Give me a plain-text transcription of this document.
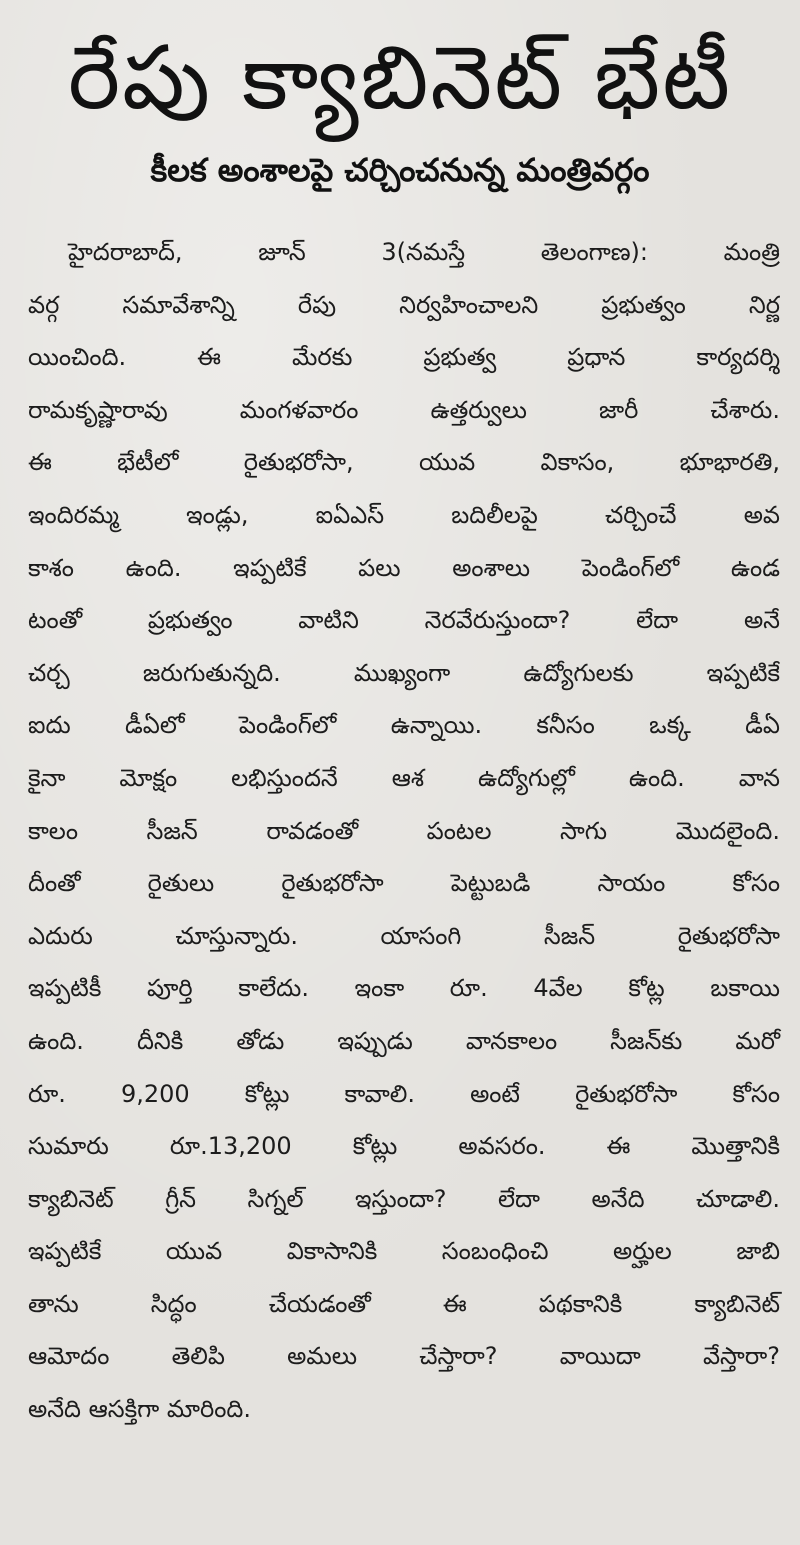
రేపు క్యాబినెట్ భేటీ
కీలక అంశాలపై చర్చించనున్న మంత్రివర్గం
హైదరాబాద్, జూన్ 3(నమస్తే తెలంగాణ): మంత్రి
వర్గ సమావేశాన్ని రేపు నిర్వహించాలని ప్రభుత్వం నిర్ణ
యించింది. ఈ మేరకు ప్రభుత్వ ప్రధాన కార్యదర్శి
రామకృష్ణారావు మంగళవారం ఉత్తర్వులు జారీ చేశారు.
ఈ భేటీలో రైతుభరోసా, యువ వికాసం, భూభారతి,
ఇందిరమ్మ ఇండ్లు, ఐఏఎస్ బదిలీలపై చర్చించే అవ
కాశం ఉంది. ఇప్పటికే పలు అంశాలు పెండింగ్‌లో ఉండ
టంతో ప్రభుత్వం వాటిని నెరవేరుస్తుందా? లేదా అనే
చర్చ జరుగుతున్నది. ముఖ్యంగా ఉద్యోగులకు ఇప్పటికే
ఐదు డీఏలో పెండింగ్‌లో ఉన్నాయి. కనీసం ఒక్క డీఏ
కైనా మోక్షం లభిస్తుందనే ఆశ ఉద్యోగుల్లో ఉంది. వాన
కాలం సీజన్ రావడంతో పంటల సాగు మొదలైంది.
దీంతో రైతులు రైతుభరోసా పెట్టుబడి సాయం కోసం
ఎదురు చూస్తున్నారు. యాసంగి సీజన్ రైతుభరోసా
ఇప్పటికీ పూర్తి కాలేదు. ఇంకా రూ. 4వేల కోట్ల బకాయి
ఉంది. దీనికి తోడు ఇప్పుడు వానకాలం సీజన్‌కు మరో
రూ. 9,200 కోట్లు కావాలి. అంటే రైతుభరోసా కోసం
సుమారు రూ.13,200 కోట్లు అవసరం. ఈ మొత్తానికి
క్యాబినెట్ గ్రీన్ సిగ్నల్ ఇస్తుందా? లేదా అనేది చూడాలి.
ఇప్పటికే యువ వికాసానికి సంబంధించి అర్హుల జాబి
తాను సిద్ధం చేయడంతో ఈ పథకానికి క్యాబినెట్
ఆమోదం తెలిపి అమలు చేస్తారా? వాయిదా వేస్తారా?
అనేది ఆసక్తిగా మారింది.
